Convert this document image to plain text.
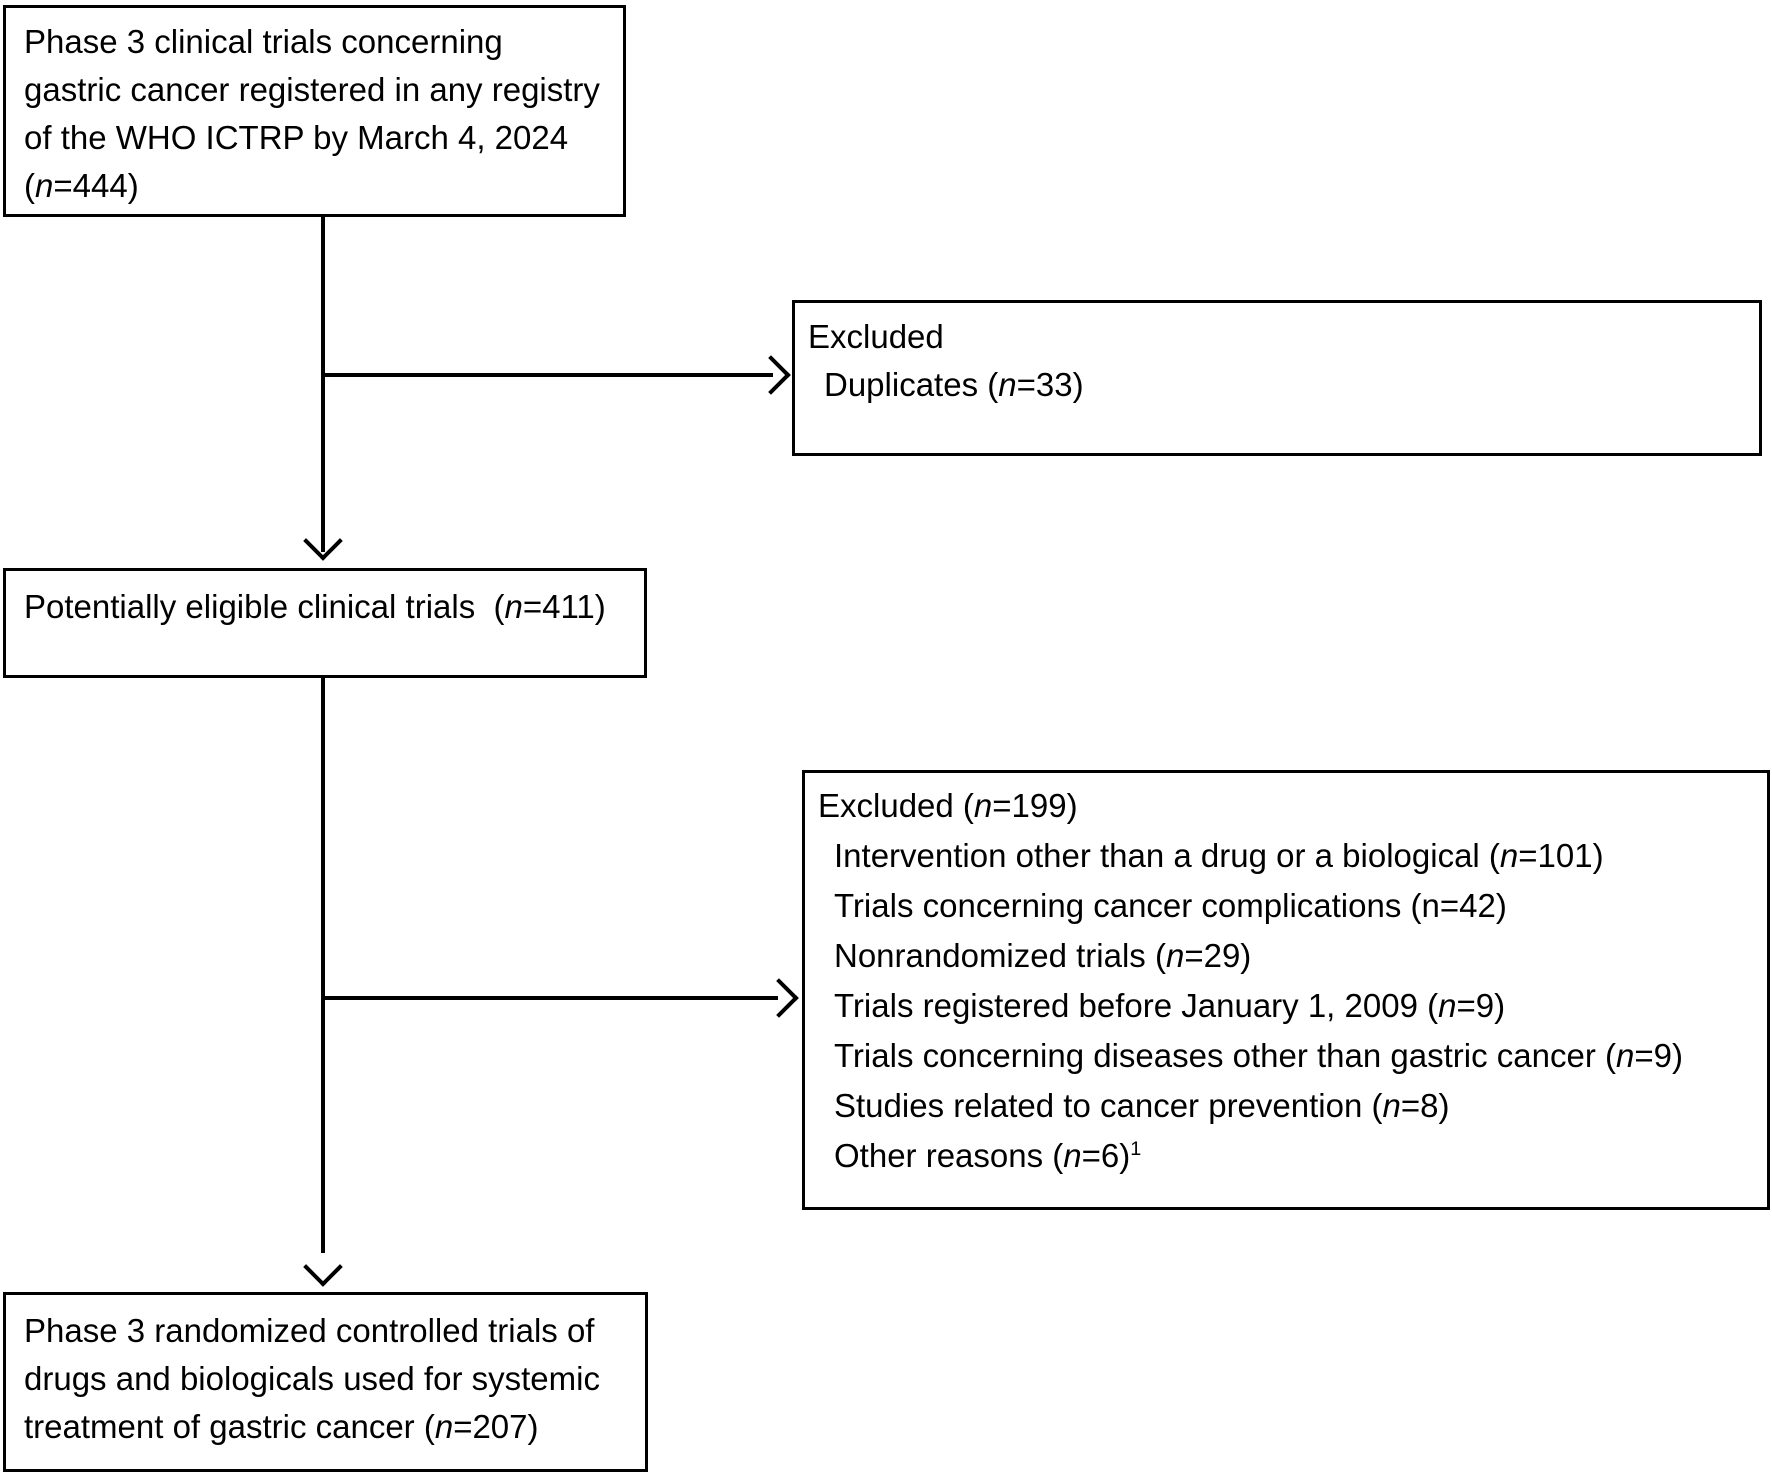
Phase 3 clinical trials concerning
gastric cancer registered in any registry
of the WHO ICTRP by March 4, 2024
(n=444)
Excluded
Duplicates (n=33)
Potentially eligible clinical trials  (n=411)
Excluded (n=199)
Intervention other than a drug or a biological (n=101)
Trials concerning cancer complications (n=42)
Nonrandomized trials (n=29)
Trials registered before January 1, 2009 (n=9)
Trials concerning diseases other than gastric cancer (n=9)
Studies related to cancer prevention (n=8)
Other reasons (n=6)$^1$
Phase 3 randomized controlled trials of
drugs and biologicals used for systemic
treatment of gastric cancer (n=207)
